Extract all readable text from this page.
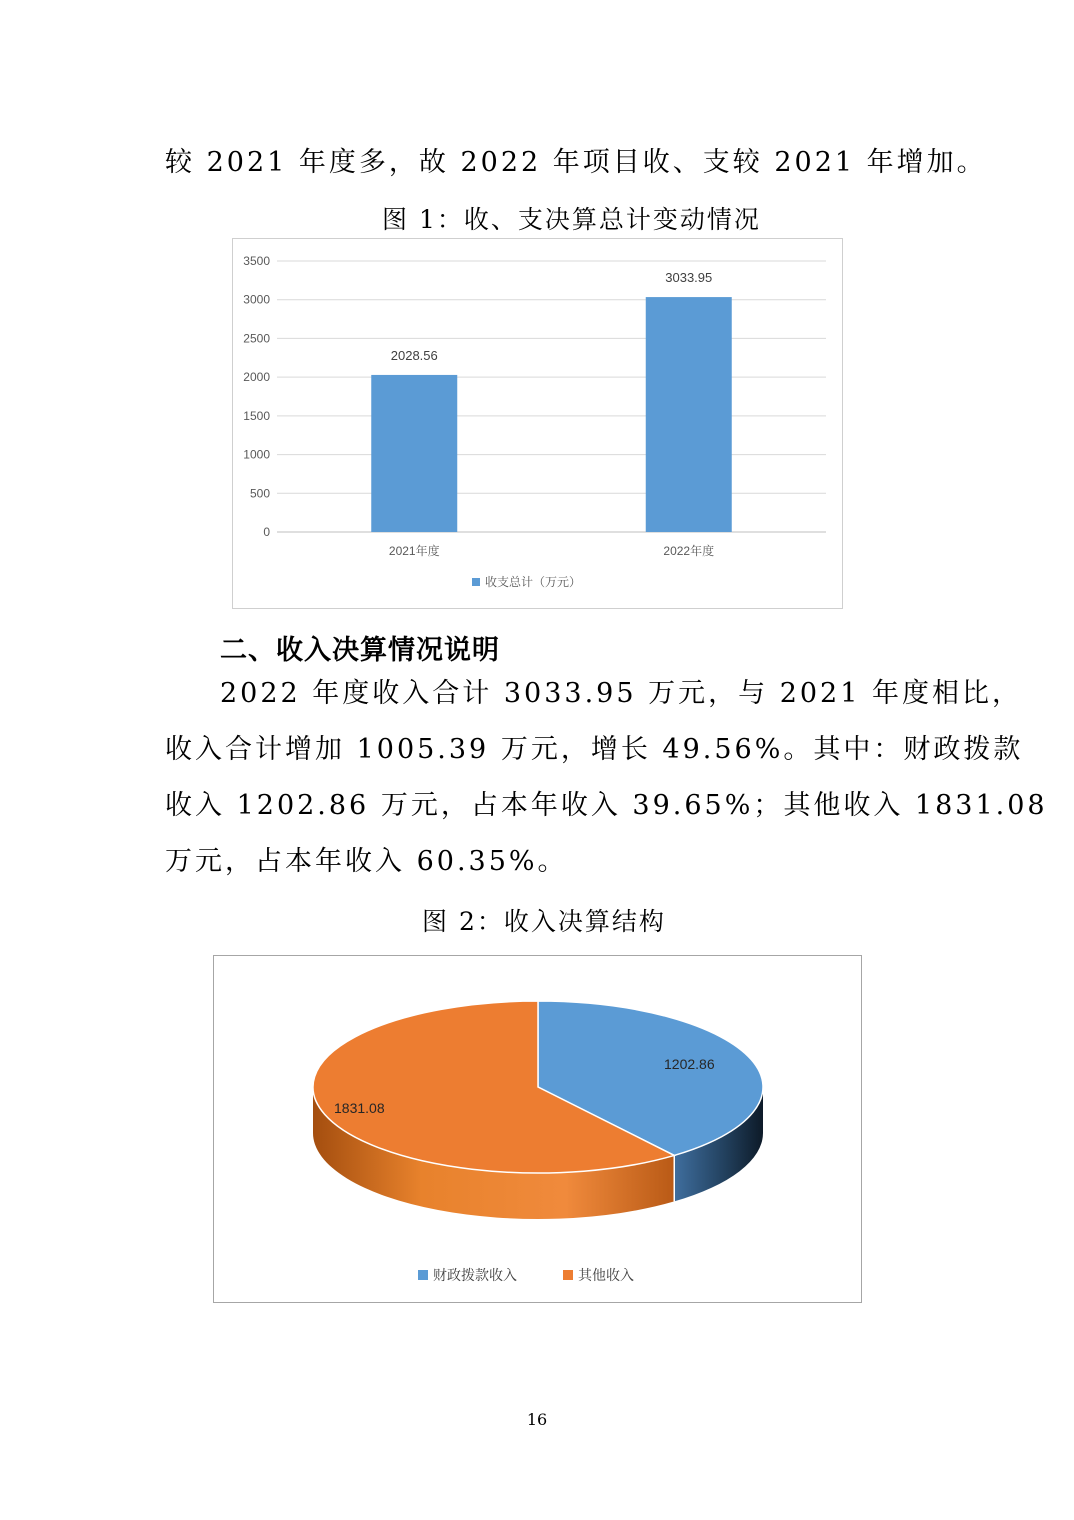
较 2021 年度多，故 2022 年项目收、支较 2021 年增加。
图 1：收、支决算总计变动情况
0
500
1000
1500
2000
2500
3000
3500
2028.56
2021年度
3033.95
2022年度
收支总计（万元）
二、收入决算情况说明
2022 年度收入合计 3033.95 万元，与 2021 年度相比，
收入合计增加 1005.39 万元，增长 49.56%。其中：财政拨款
收入 1202.86 万元，占本年收入 39.65%；其他收入 1831.08
万元，占本年收入 60.35%。
图 2：收入决算结构
1202.86
1831.08
财政拨款收入	其他收入
16
